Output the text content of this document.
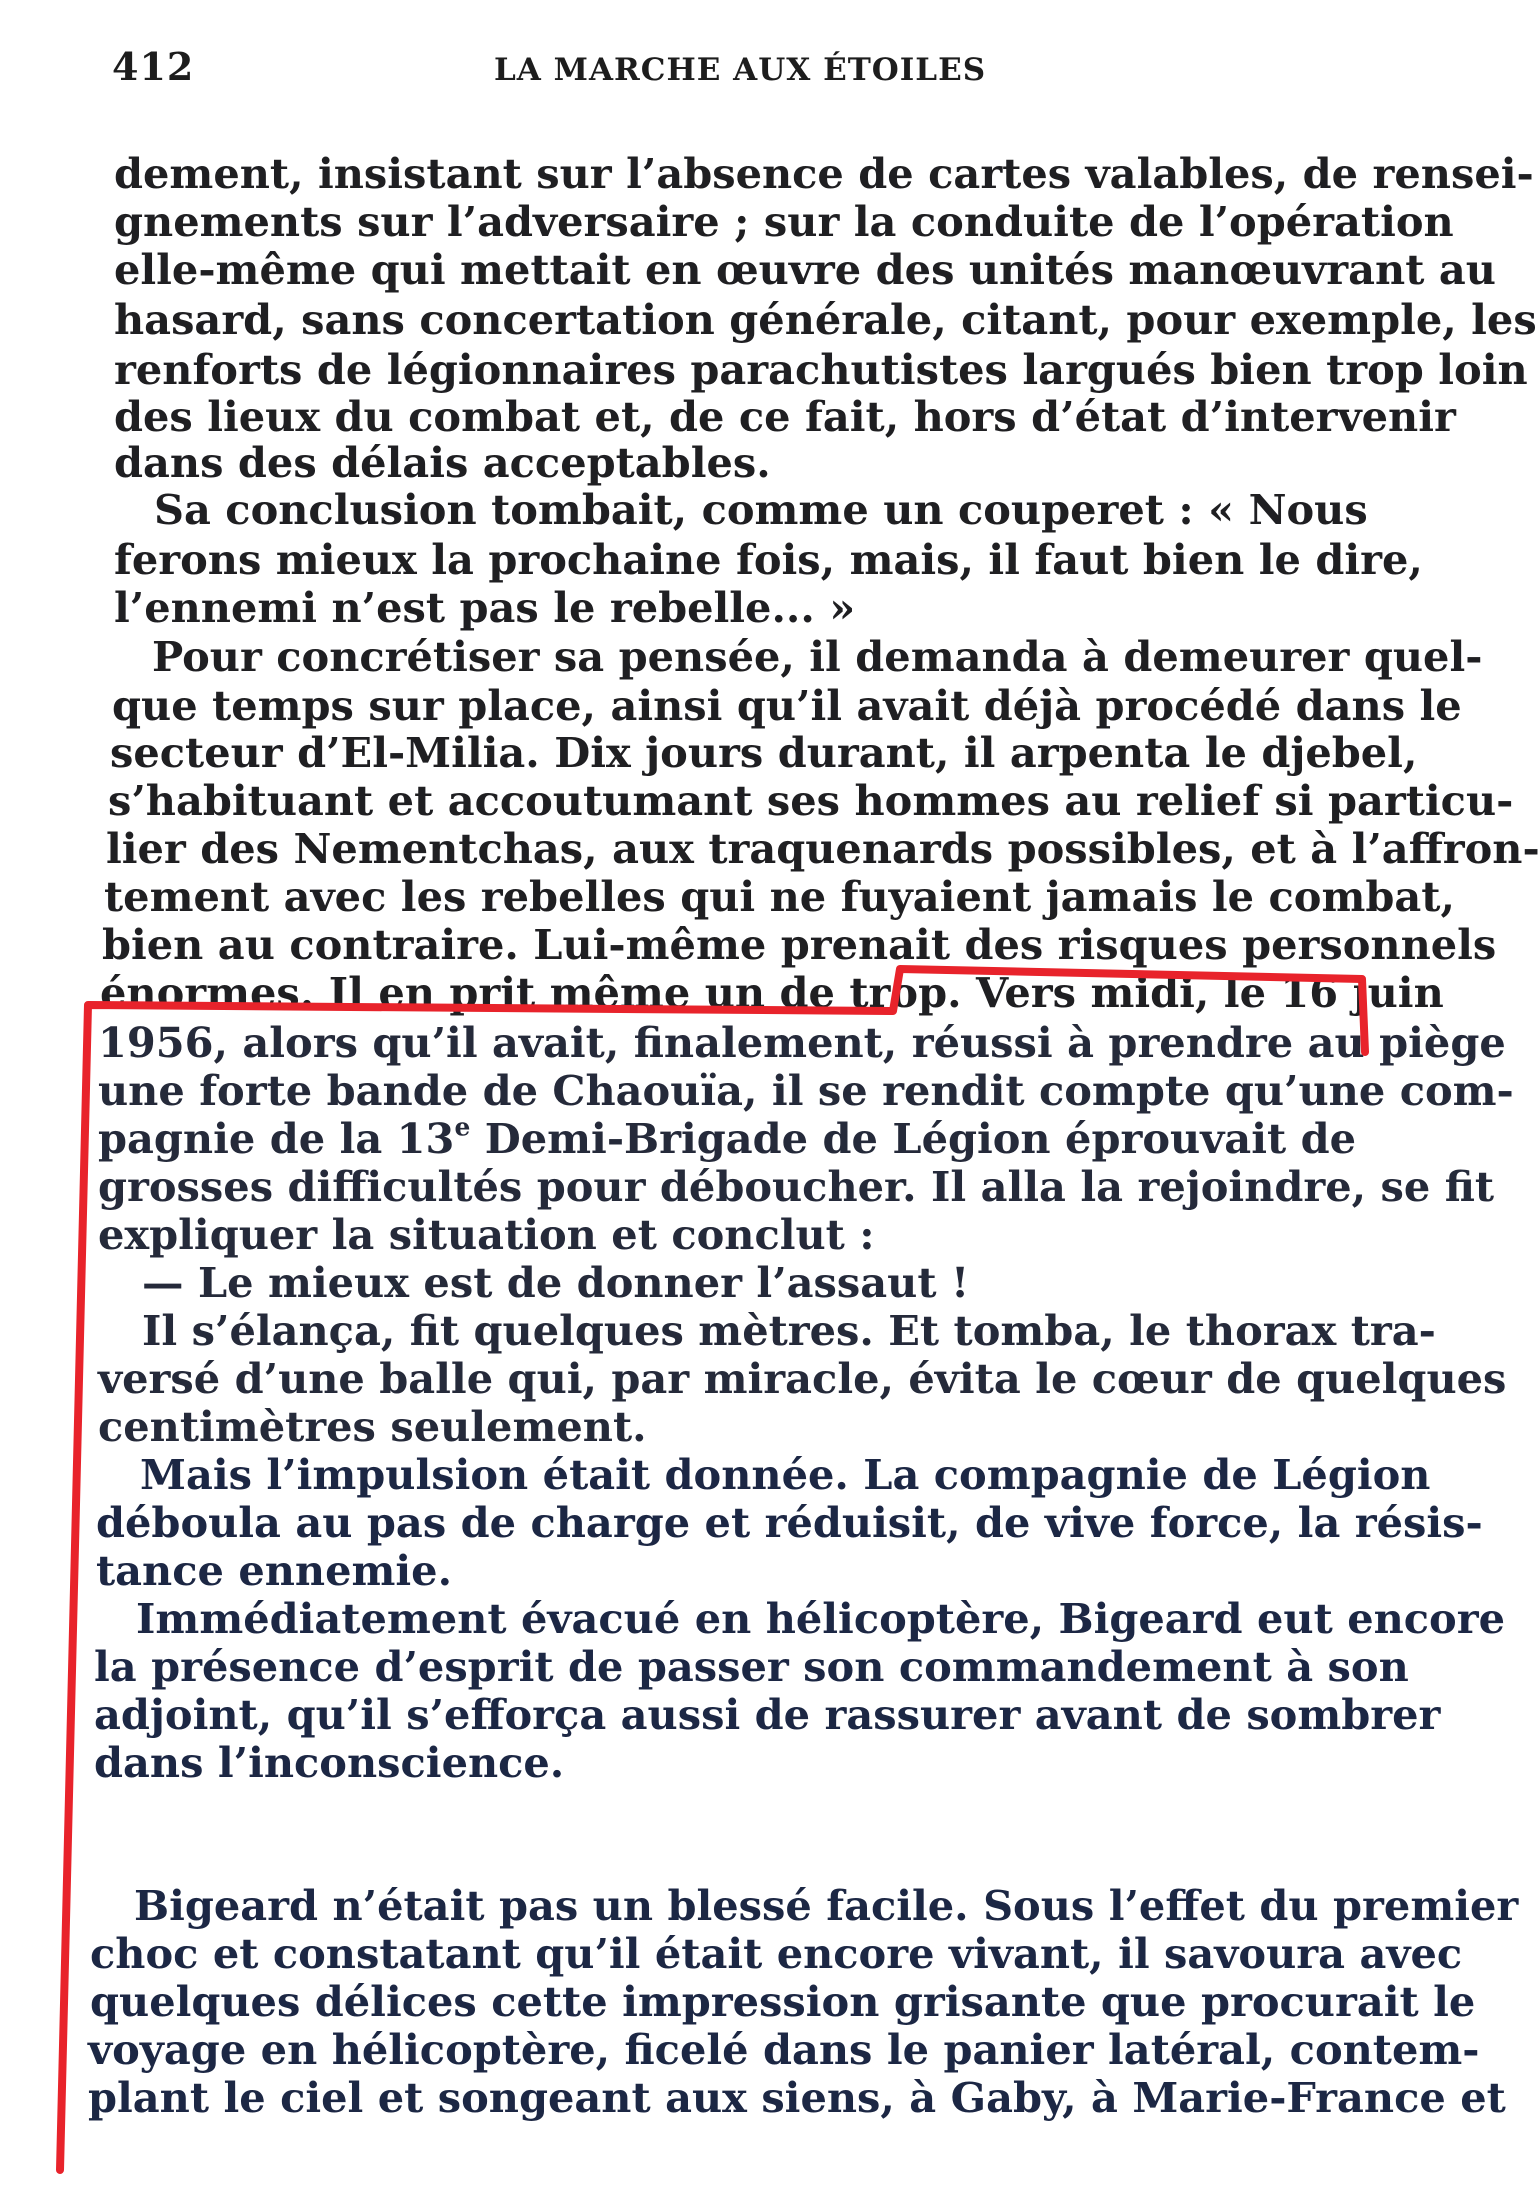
412	LA MARCHE AUX ÉTOILES
dement, insistant sur l’absence de cartes valables, de rensei-
gnements sur l’adversaire ; sur la conduite de l’opération
elle-même qui mettait en œuvre des unités manœuvrant au
hasard, sans concertation générale, citant, pour exemple, les
renforts de légionnaires parachutistes largués bien trop loin
des lieux du combat et, de ce fait, hors d’état d’intervenir
dans des délais acceptables.
Sa conclusion tombait, comme un couperet : « Nous
ferons mieux la prochaine fois, mais, il faut bien le dire,
l’ennemi n’est pas le rebelle... »
Pour concrétiser sa pensée, il demanda à demeurer quel-
que temps sur place, ainsi qu’il avait déjà procédé dans le
secteur d’El-Milia. Dix jours durant, il arpenta le djebel,
s’habituant et accoutumant ses hommes au relief si particu-
lier des Nementchas, aux traquenards possibles, et à l’affron-
tement avec les rebelles qui ne fuyaient jamais le combat,
bien au contraire. Lui-même prenait des risques personnels
énormes. Il en prit même un de trop. Vers midi, le 16 juin
1956, alors qu’il avait, finalement, réussi à prendre au piège
une forte bande de Chaouïa, il se rendit compte qu’une com-
pagnie de la 13e Demi-Brigade de Légion éprouvait de
grosses difficultés pour déboucher. Il alla la rejoindre, se fit
expliquer la situation et conclut :
— Le mieux est de donner l’assaut !
Il s’élança, fit quelques mètres. Et tomba, le thorax tra-
versé d’une balle qui, par miracle, évita le cœur de quelques
centimètres seulement.
Mais l’impulsion était donnée. La compagnie de Légion
déboula au pas de charge et réduisit, de vive force, la résis-
tance ennemie.
Immédiatement évacué en hélicoptère, Bigeard eut encore
la présence d’esprit de passer son commandement à son
adjoint, qu’il s’efforça aussi de rassurer avant de sombrer
dans l’inconscience.
Bigeard n’était pas un blessé facile. Sous l’effet du premier
choc et constatant qu’il était encore vivant, il savoura avec
quelques délices cette impression grisante que procurait le
voyage en hélicoptère, ficelé dans le panier latéral, contem-
plant le ciel et songeant aux siens, à Gaby, à Marie-France et
